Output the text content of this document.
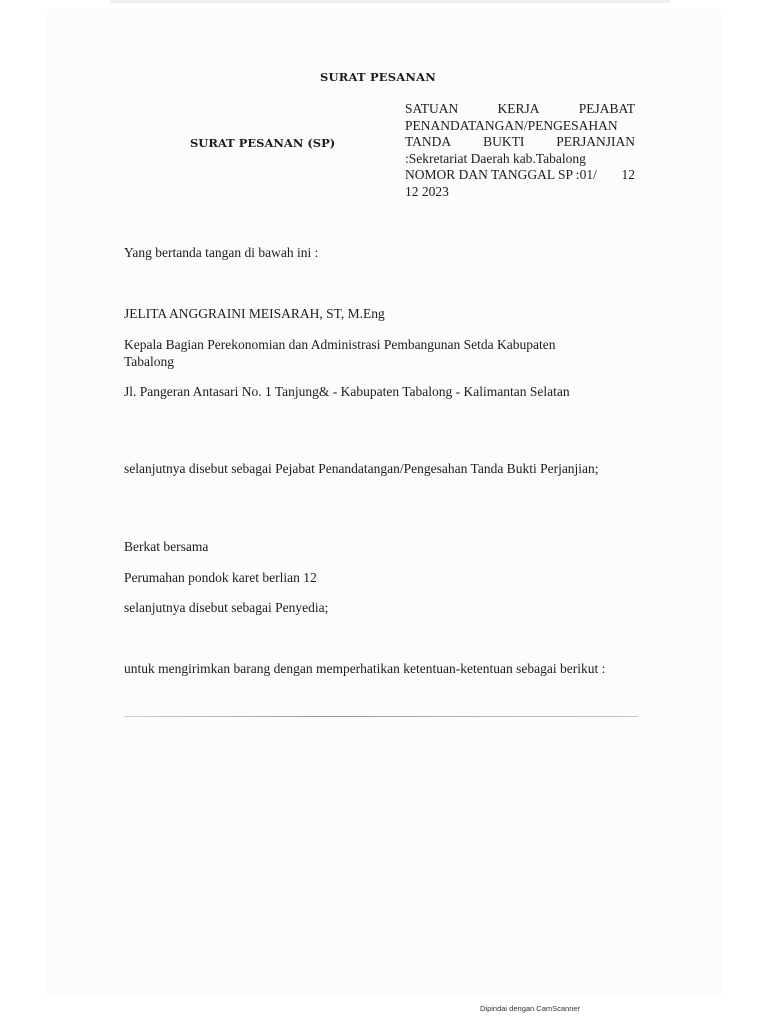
SURAT PESANAN
SURAT PESANAN (SP)
SATUAN	KERJA	PEJABAT
PENANDATANGAN/PENGESAHAN
TANDA BUKTI PERJANJIAN
:Sekretariat Daerah kab.Tabalong
NOMOR DAN TANGGAL SP :01/ 12
12 2023
Yang bertanda tangan di bawah ini :
JELITA ANGGRAINI MEISARAH, ST, M.Eng
Kepala Bagian Perekonomian dan Administrasi Pembangunan Setda Kabupaten Tabalong
Jl. Pangeran Antasari No. 1 Tanjung& - Kabupaten Tabalong - Kalimantan Selatan
selanjutnya disebut sebagai Pejabat Penandatangan/Pengesahan Tanda Bukti Perjanjian;
Berkat bersama
Perumahan pondok karet berlian 12
selanjutnya disebut sebagai Penyedia;
untuk mengirimkan barang dengan memperhatikan ketentuan-ketentuan sebagai berikut :
Dipindai dengan CamScanner
